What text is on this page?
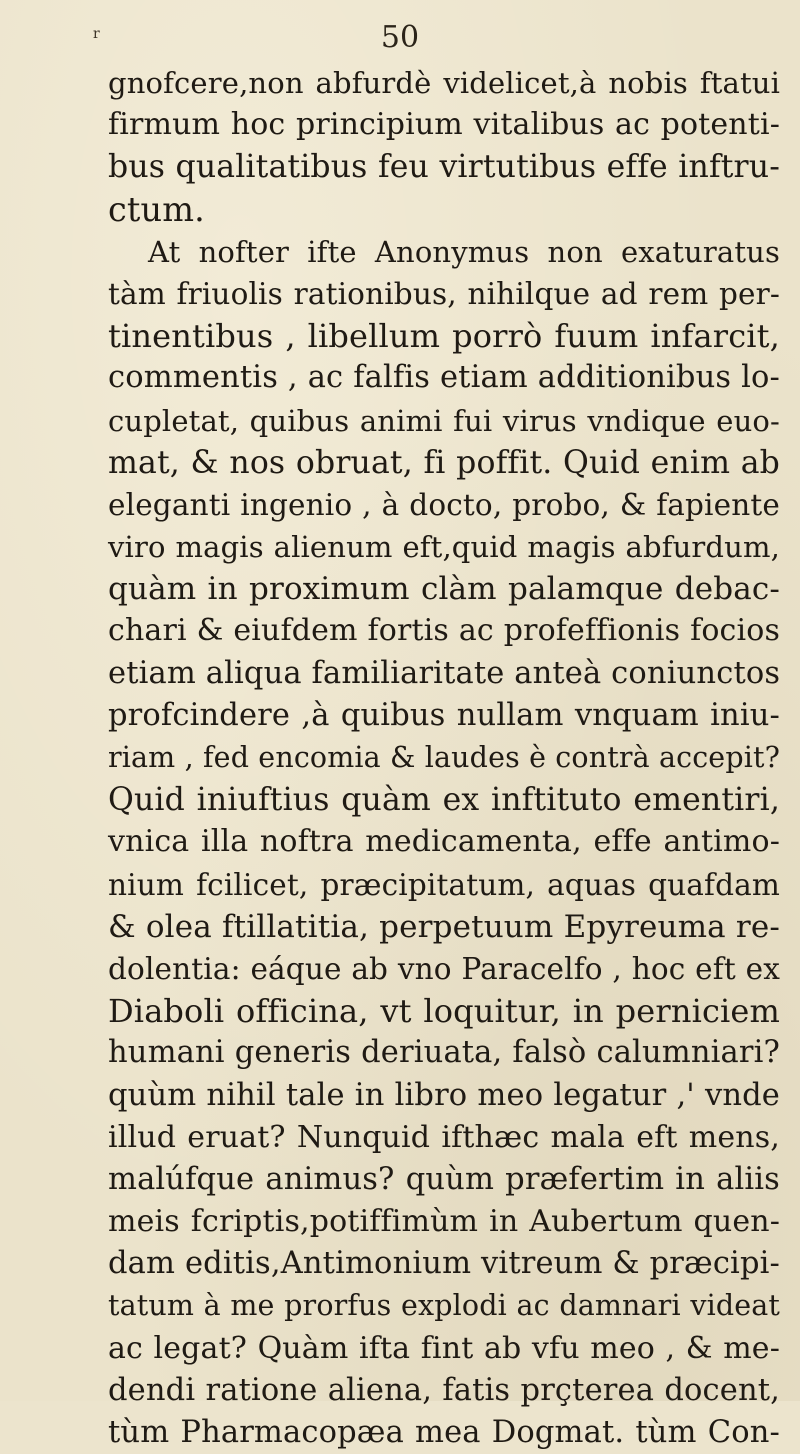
r	50
gnofcere,non abfurdè videlicet,à nobis ftatui
firmum hoc principium vitalibus ac potenti-
bus qualitatibus feu virtutibus effe inftru-
ctum.
At nofter ifte Anonymus non exaturatus
tàm friuolis rationibus, nihilque ad rem per-
tinentibus , libellum porrò fuum infarcit,
commentis , ac falfis etiam additionibus lo-
cupletat, quibus animi fui virus vndique euo-
mat, & nos obruat, fi poffit. Quid enim ab
eleganti ingenio , à docto, probo, & fapiente
viro magis alienum eft,quid magis abfurdum,
quàm in proximum clàm palamque debac-
chari & eiufdem fortis ac profeffionis focios
etiam aliqua familiaritate anteà coniunctos
profcindere ,à quibus nullam vnquam iniu-
riam , fed encomia & laudes è contrà accepit?
Quid iniuftius quàm ex inftituto ementiri,
vnica illa noftra medicamenta, effe antimo-
nium fcilicet, præcipitatum, aquas quafdam
& olea ftillatitia, perpetuum Epyreuma re-
dolentia: eáque ab vno Paracelfo , hoc eft ex
Diaboli officina, vt loquitur, in perniciem
humani generis deriuata, falsò calumniari?
quùm nihil tale in libro meo legatur ,' vnde
illud eruat? Nunquid ifthæc mala eft mens,
malúfque animus? quùm præfertim in aliis
meis fcriptis,potiffimùm in Aubertum quen-
dam editis,Antimonium vitreum & præcipi-
tatum à me prorfus explodi ac damnari videat
ac legat? Quàm ifta fint ab vfu meo , & me-
dendi ratione aliena, fatis prçterea docent,
tùm Pharmacopæa mea Dogmat. tùm Con-
